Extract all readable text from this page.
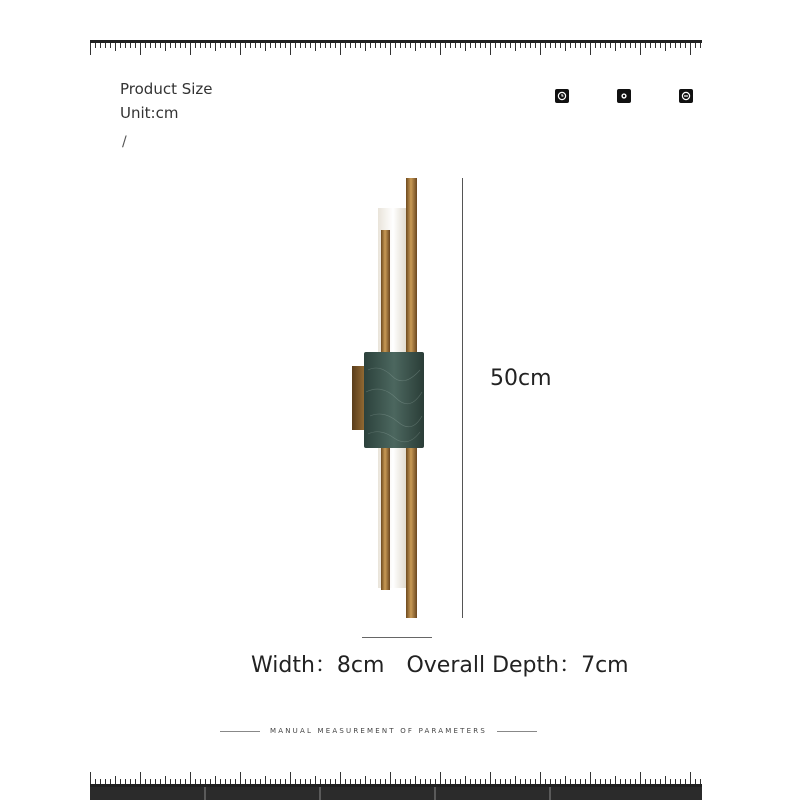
Product Size
Unit:cm
/
50cm
Width：8cm Overall Depth：7cm
MANUAL MEASUREMENT OF PARAMETERS
